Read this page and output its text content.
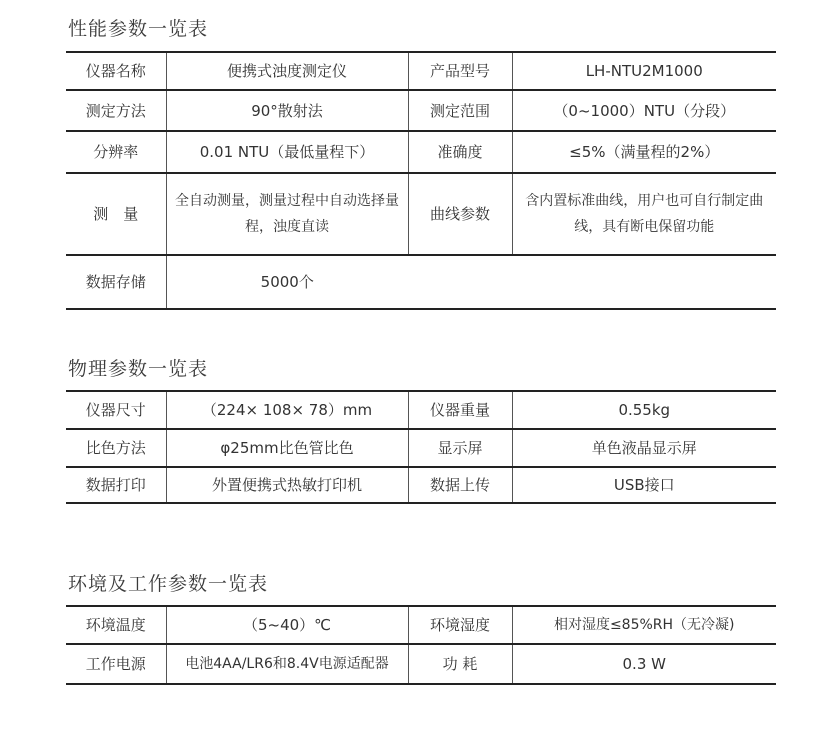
性能参数一览表
仪器名称	便携式浊度测定仪	产品型号	LH-NTU2M1000
测定方法	90°散射法	测定范围	（0~1000）NTU（分段）
分辨率	0.01 NTU（最低量程下）	准确度	≤5%（满量程的2%）
测　量	全自动测量，测量过程中自动选择量程，浊度直读	曲线参数	含内置标准曲线，用户也可自行制定曲线，具有断电保留功能
数据存储	5000个		
物理参数一览表
仪器尺寸	（224× 108× 78）mm	仪器重量	0.55kg
比色方法	φ25mm比色管比色	显示屏	单色液晶显示屏
数据打印	外置便携式热敏打印机	数据上传	USB接口
环境及工作参数一览表
环境温度	（5~40）℃	环境湿度	相对湿度≤85%RH（无冷凝)
工作电源	电池4AA/LR6和8.4V电源适配器	功 耗	0.3 W
